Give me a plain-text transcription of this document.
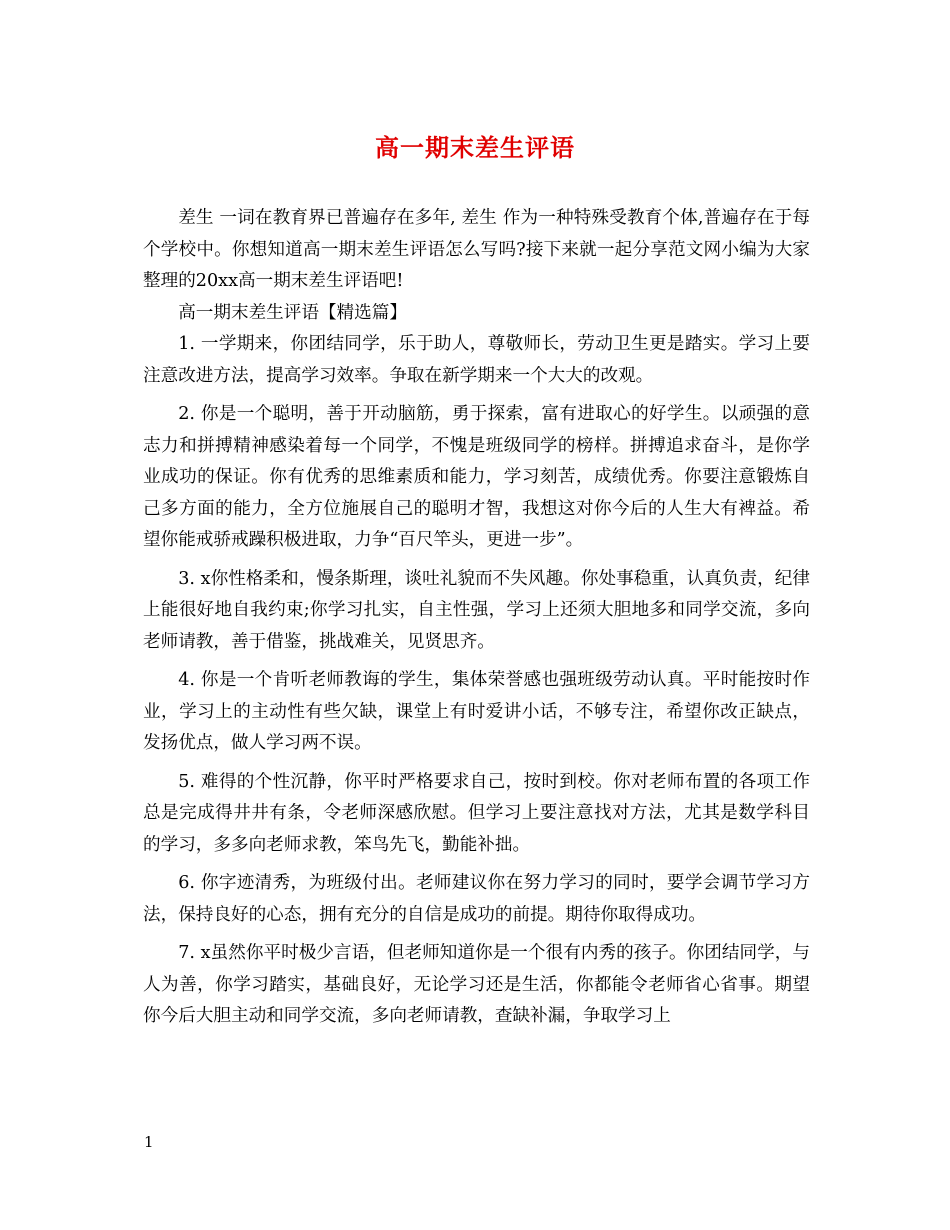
高一期末差生评语

差生 一词在教育界已普遍存在多年, 差生 作为一种特殊受教育个体,普遍存在于每个学校中。你想知道高一期末差生评语怎么写吗?接下来就一起分享范文网小编为大家整理的20xx高一期末差生评语吧!

高一期末差生评语【精选篇】

1. 一学期来，你团结同学，乐于助人，尊敬师长，劳动卫生更是踏实。学习上要注意改进方法，提高学习效率。争取在新学期来一个大大的改观。

2. 你是一个聪明，善于开动脑筋，勇于探索，富有进取心的好学生。以顽强的意志力和拼搏精神感染着每一个同学，不愧是班级同学的榜样。拼搏追求奋斗，是你学业成功的保证。你有优秀的思维素质和能力，学习刻苦，成绩优秀。你要注意锻炼自己多方面的能力，全方位施展自己的聪明才智，我想这对你今后的人生大有裨益。希望你能戒骄戒躁积极进取，力争“百尺竿头，更进一步”。

3. x你性格柔和，慢条斯理，谈吐礼貌而不失风趣。你处事稳重，认真负责，纪律上能很好地自我约束;你学习扎实，自主性强，学习上还须大胆地多和同学交流，多向老师请教，善于借鉴，挑战难关，见贤思齐。

4. 你是一个肯听老师教诲的学生，集体荣誉感也强班级劳动认真。平时能按时作业，学习上的主动性有些欠缺，课堂上有时爱讲小话，不够专注，希望你改正缺点，发扬优点，做人学习两不误。

5. 难得的个性沉静，你平时严格要求自己，按时到校。你对老师布置的各项工作总是完成得井井有条，令老师深感欣慰。但学习上要注意找对方法，尤其是数学科目的学习，多多向老师求教，笨鸟先飞，勤能补拙。

6. 你字迹清秀，为班级付出。老师建议你在努力学习的同时，要学会调节学习方法，保持良好的心态，拥有充分的自信是成功的前提。期待你取得成功。

7. x虽然你平时极少言语，但老师知道你是一个很有内秀的孩子。你团结同学，与人为善，你学习踏实，基础良好，无论学习还是生活，你都能令老师省心省事。期望你今后大胆主动和同学交流，多向老师请教，查缺补漏，争取学习上

1
